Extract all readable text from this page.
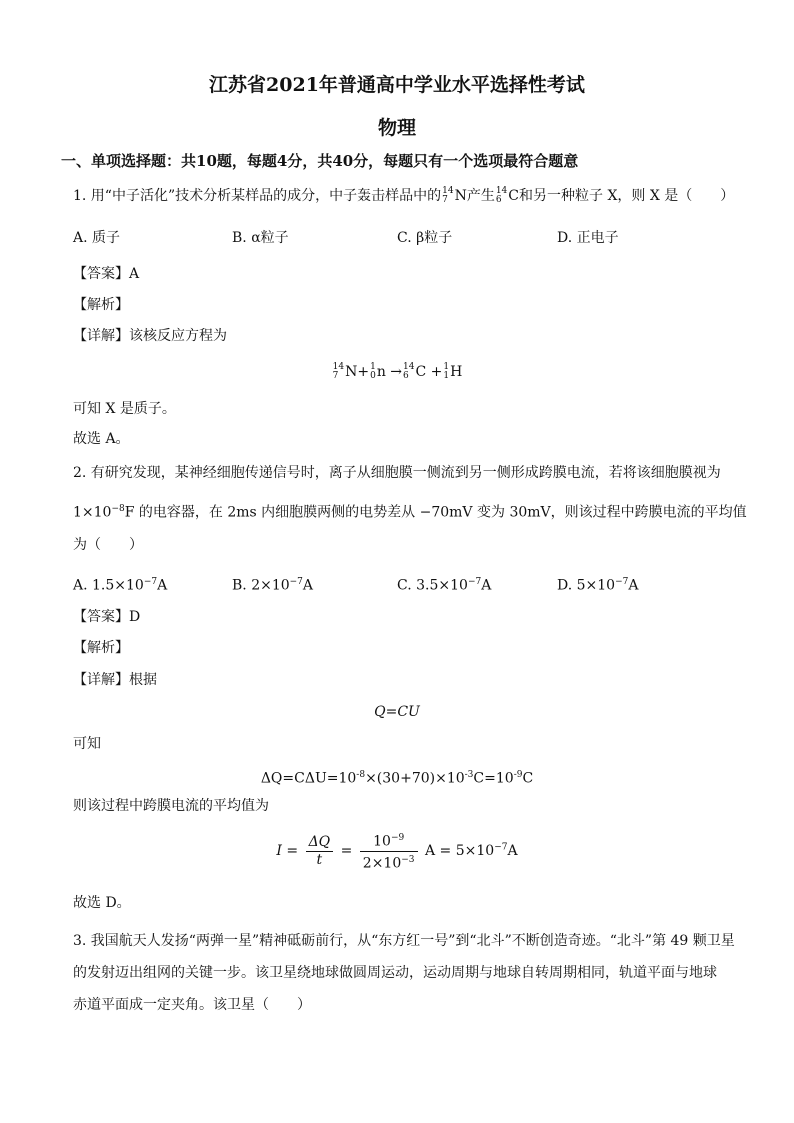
江苏省2021年普通高中学业水平选择性考试
物理
一、单项选择题：共10题，每题4分，共40分，每题只有一个选项最符合题意
1. 用“中子活化”技术分析某样品的成分，中子轰击样品中的 14
7 N产生 14
6 C和另一种粒子 X，则 X 是（　　）
A. 质子	B. α粒子	C. β粒子	D. 正电子
【答案】A
【解析】
【详解】该核反应方程为
14
7 N+ 1
0 n → 14
6 C + 1
1 H
可知 X 是质子。
故选 A。
2. 有研究发现，某神经细胞传递信号时，离子从细胞膜一侧流到另一侧形成跨膜电流，若将该细胞膜视为
$1\times 10^{-8}F$ 的电容器，在 2ms 内细胞膜两侧的电势差从 −70mV 变为 30mV，则该过程中跨膜电流的平均值
为（　　）
A. $1.5\times 10^{-7}A$	B. $2\times 10^{-7}A$	C. $3.5\times 10^{-7}A$	D. $5\times 10^{-7}A$
【答案】D
【解析】
【详解】根据
Q=CU
可知
$\Delta Q=C\Delta U=10^{-8}\times(30+70)\times 10^{-3}C=10^{-9}C$
则该过程中跨膜电流的平均值为
$I = \frac{\Delta Q}{t} = \frac{10^{-9}}{2\times 10^{-3}}$ $A = 5\times 10^{-7}A$
故选 D。
3. 我国航天人发扬“两弹一星”精神砥砺前行，从“东方红一号”到“北斗”不断创造奇迹。“北斗”第 49 颗卫星
的发射迈出组网的关键一步。该卫星绕地球做圆周运动，运动周期与地球自转周期相同，轨道平面与地球
赤道平面成一定夹角。该卫星（　　）
